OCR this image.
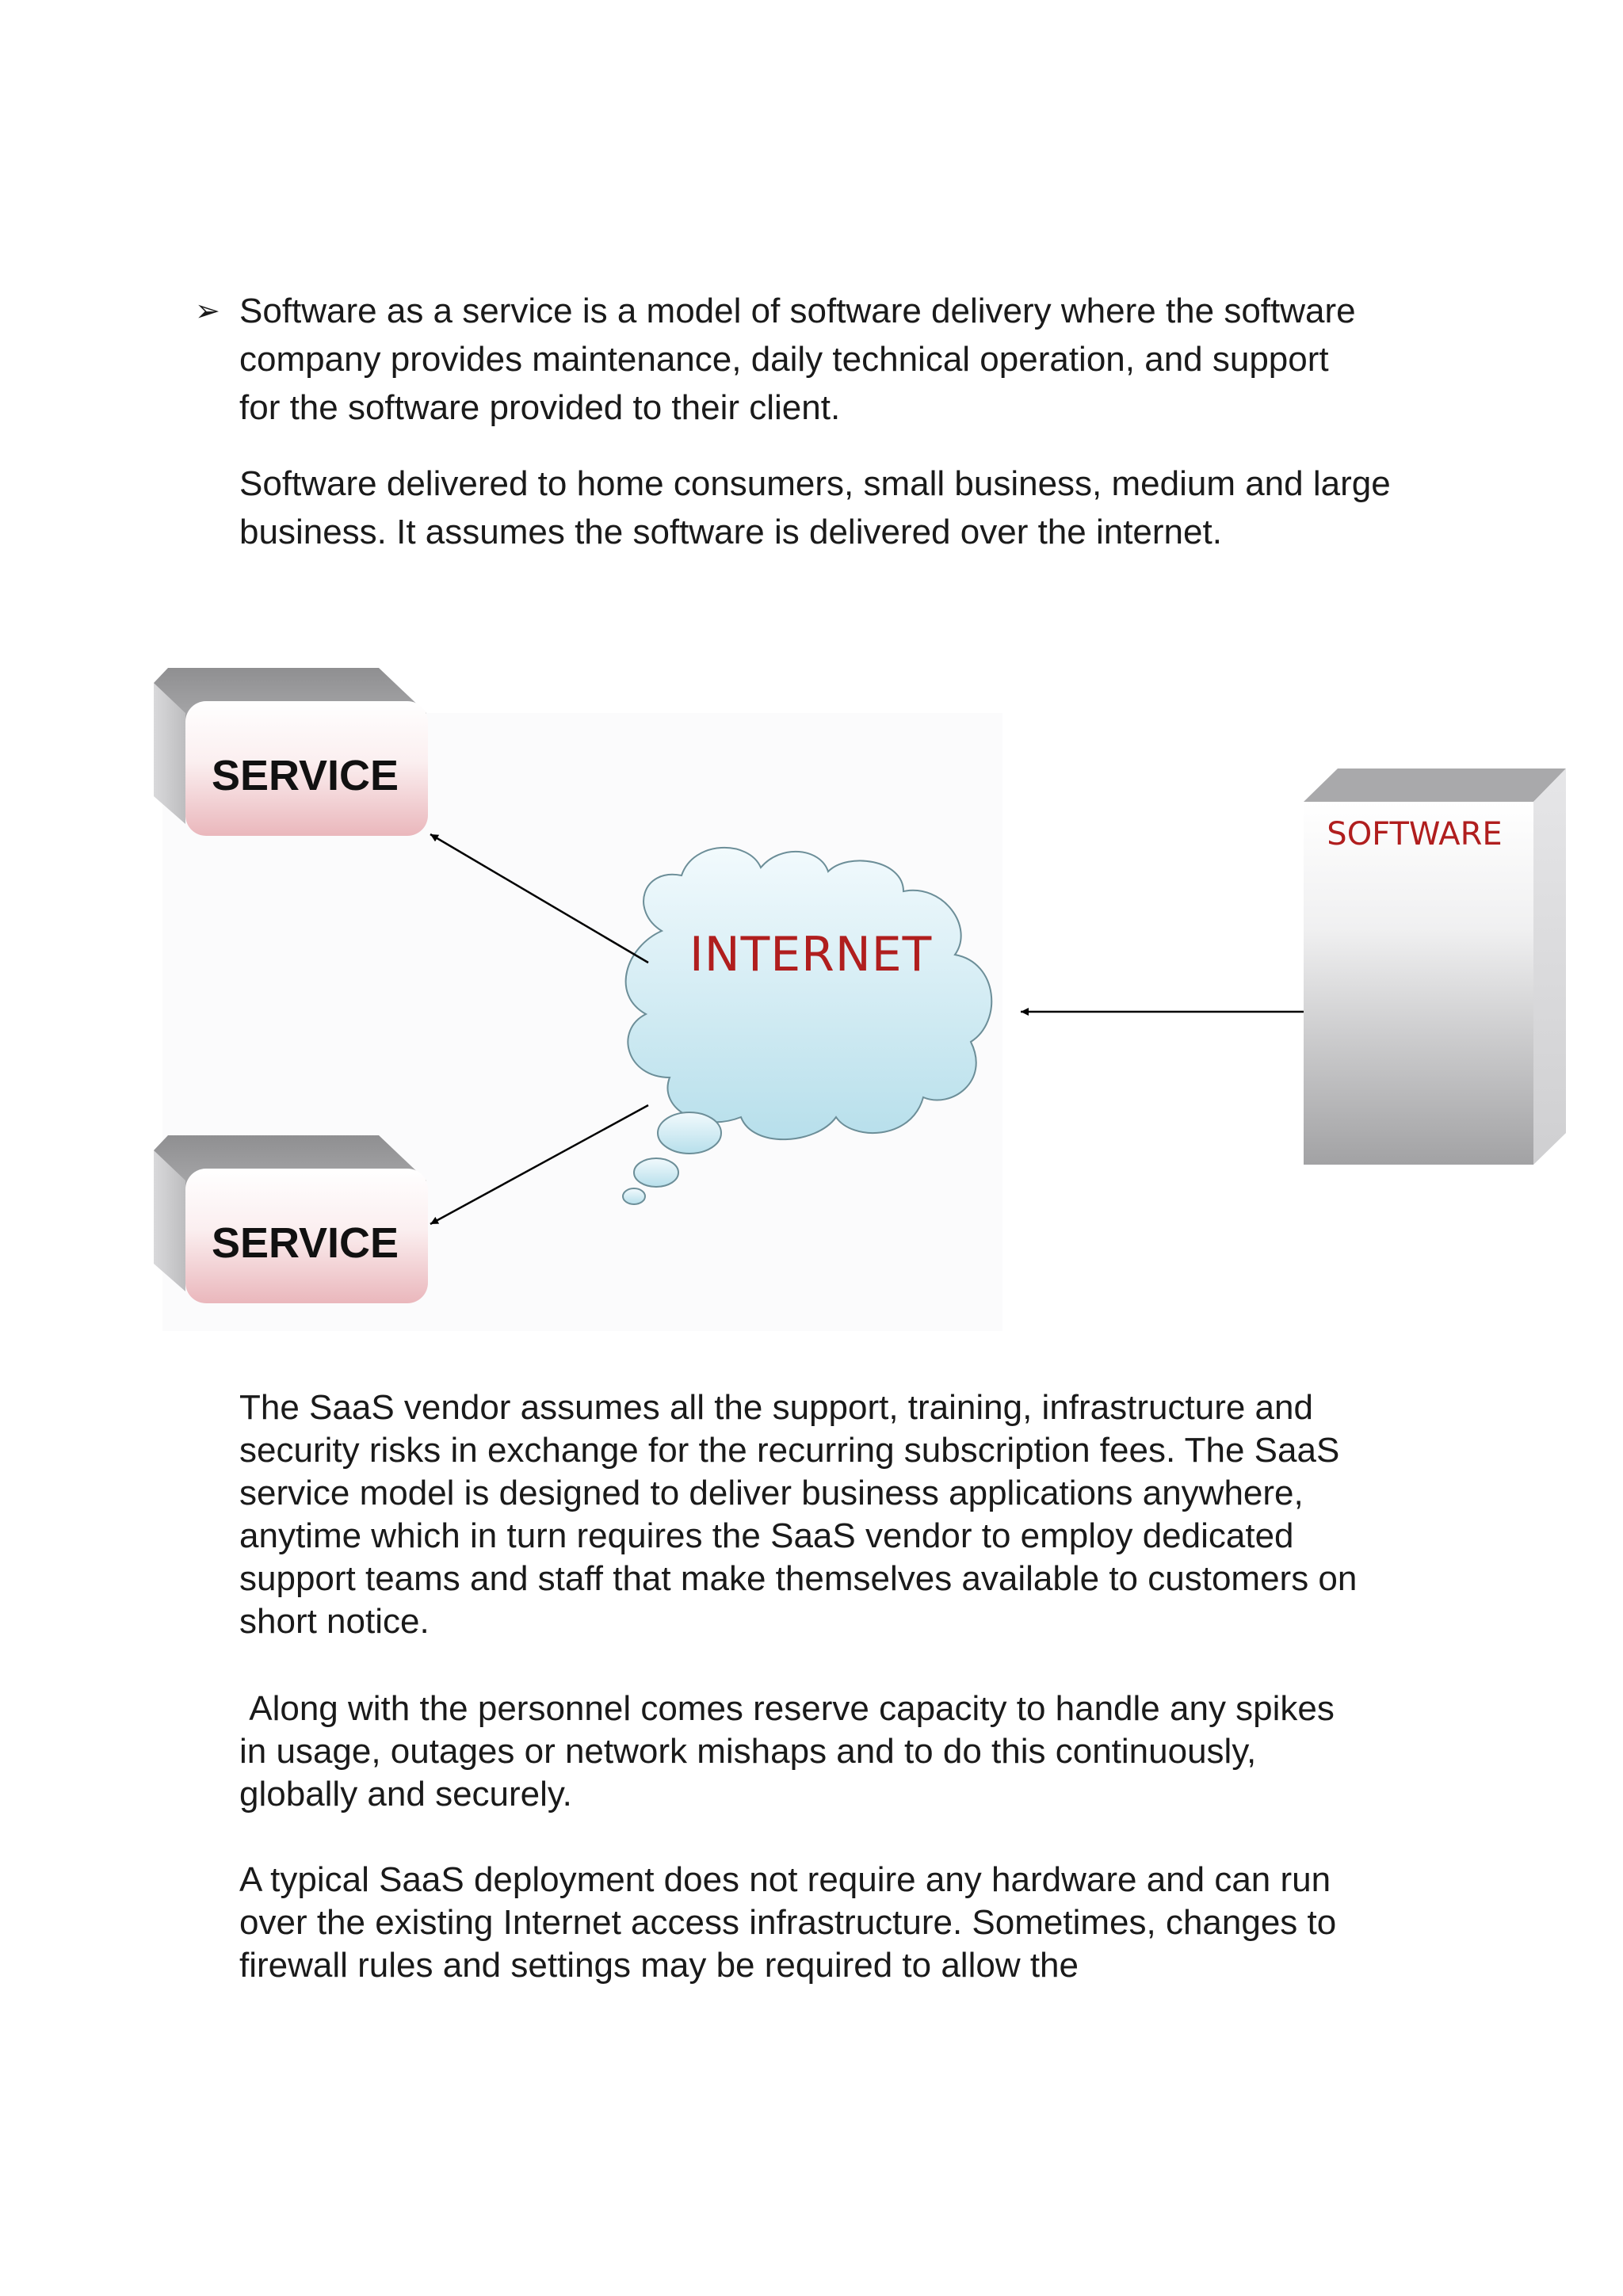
➢ Software as a service is a model of software delivery where the software company provides maintenance, daily technical operation, and support for the software provided to their client.

Software delivered to home consumers, small business, medium and large business. It assumes the software is delivered over the internet.

SERVICE
SERVICE
INTERNET
SOFTWARE

The SaaS vendor assumes all the support, training, infrastructure and security risks in exchange for the recurring subscription fees. The SaaS service model is designed to deliver business applications anywhere, anytime which in turn requires the SaaS vendor to employ dedicated support teams and staff that make themselves available to customers on short notice.

Along with the personnel comes reserve capacity to handle any spikes in usage, outages or network mishaps and to do this continuously, globally and securely.

A typical SaaS deployment does not require any hardware and can run over the existing Internet access infrastructure. Sometimes, changes to firewall rules and settings may be required to allow the
